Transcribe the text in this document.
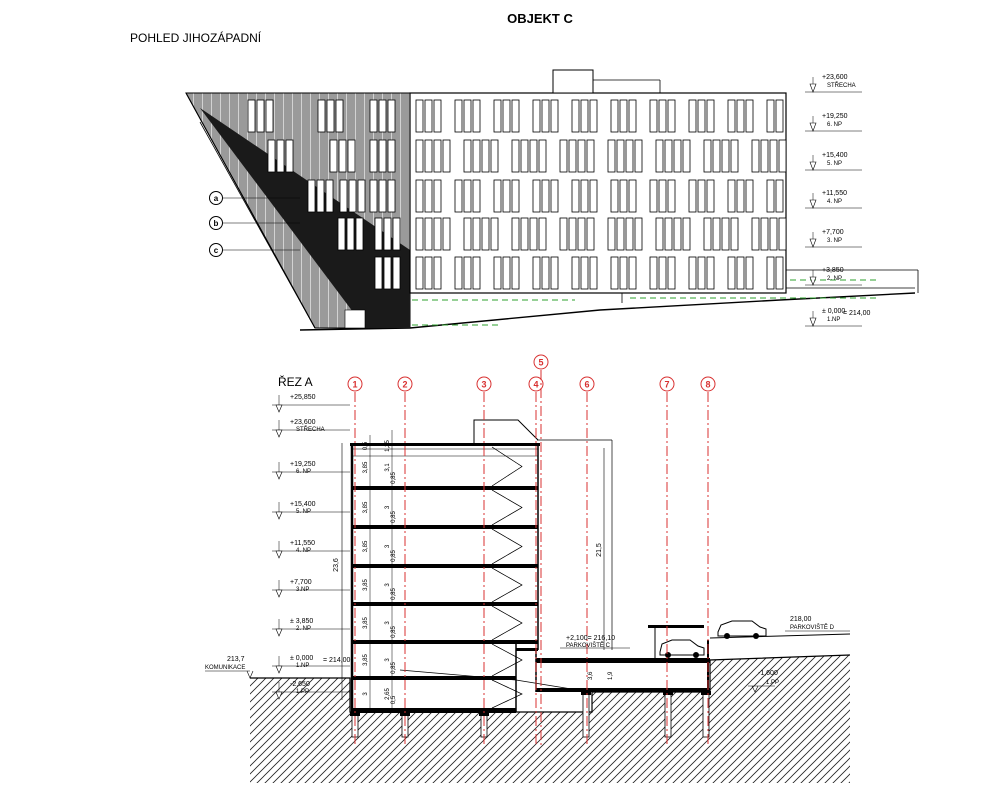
OBJEKT C
POHLED JIHOZÁPADNÍ
a
b
c
+23,600
STŘECHA
+19,250
6. NP
+15,400
5. NP
+11,550
4. NP
+7,700
3. NP
+3,850
2. NP
± 0,000
1.NP
= 214,00
ŘEZ A	1	2	3	4
5
6	7	8
23,6
21,5
0,5
3,85
3,85
3,85
3,85
3,85
3,85
3
1,25
3,1
3
3
3
3
3
2,65
0,85
0,85
0,85
0,85
0,85
0,85
0,5
+25,850
+23,600
STŘECHA
+19,250
6. NP
+15,400
5. NP
+11,550
4. NP
+7,700
3.NP
± 3,850
2. NP
± 0,000
1.NP
= 214,00
-2,650
1.PP
213,7
KOMUNIKACE
+2,100= 216,10
PARKOVIŠTĚ C
218,00
PARKOVIŠTĚ D
-1,600
1.PP
3,6 1,9
